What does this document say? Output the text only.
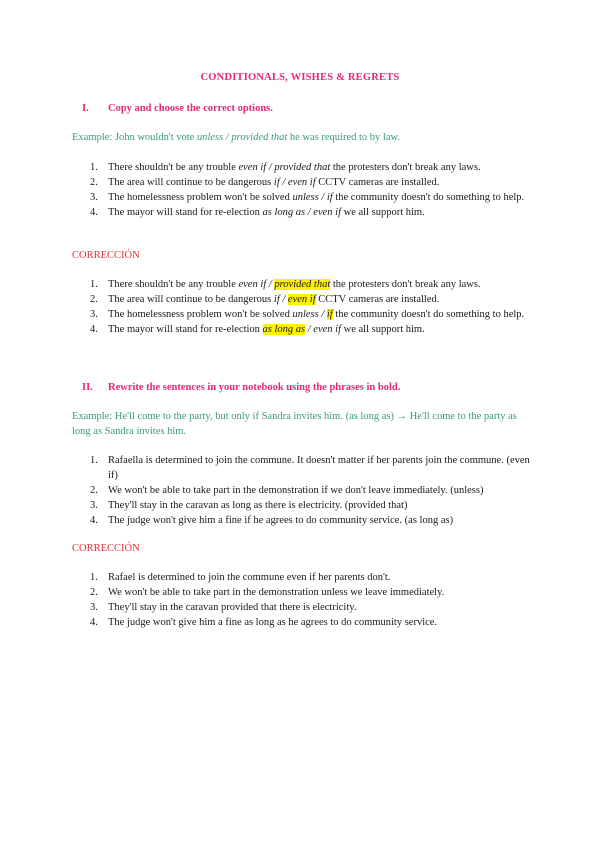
CONDITIONALS, WISHES & REGRETS
I. Copy and choose the correct options.
Example: John wouldn't vote unless / provided that he was required to by law.
1. There shouldn't be any trouble even if / provided that the protesters don't break any laws.
2. The area will continue to be dangerous if / even if CCTV cameras are installed.
3. The homelessness problem won't be solved unless / if the community doesn't do something to help.
4. The mayor will stand for re-election as long as / even if we all support him.
CORRECCIÓN
1. There shouldn't be any trouble even if / provided that the protesters don't break any laws.
2. The area will continue to be dangerous if / even if CCTV cameras are installed.
3. The homelessness problem won't be solved unless / if the community doesn't do something to help.
4. The mayor will stand for re-election as long as / even if we all support him.
II. Rewrite the sentences in your notebook using the phrases in bold.
Example: He'll come to the party, but only if Sandra invites him. (as long as) → He'll come to the party as long as Sandra invites him.
1. Rafaella is determined to join the commune. It doesn't matter if her parents join the commune. (even if)
2. We won't be able to take part in the demonstration if we don't leave immediately. (unless)
3. They'll stay in the caravan as long as there is electricity. (provided that)
4. The judge won't give him a fine if he agrees to do community service. (as long as)
CORRECCIÓN
1. Rafael is determined to join the commune even if her parents don't.
2. We won't be able to take part in the demonstration unless we leave immediately.
3. They'll stay in the caravan provided that there is electricity.
4. The judge won't give him a fine as long as he agrees to do community service.
